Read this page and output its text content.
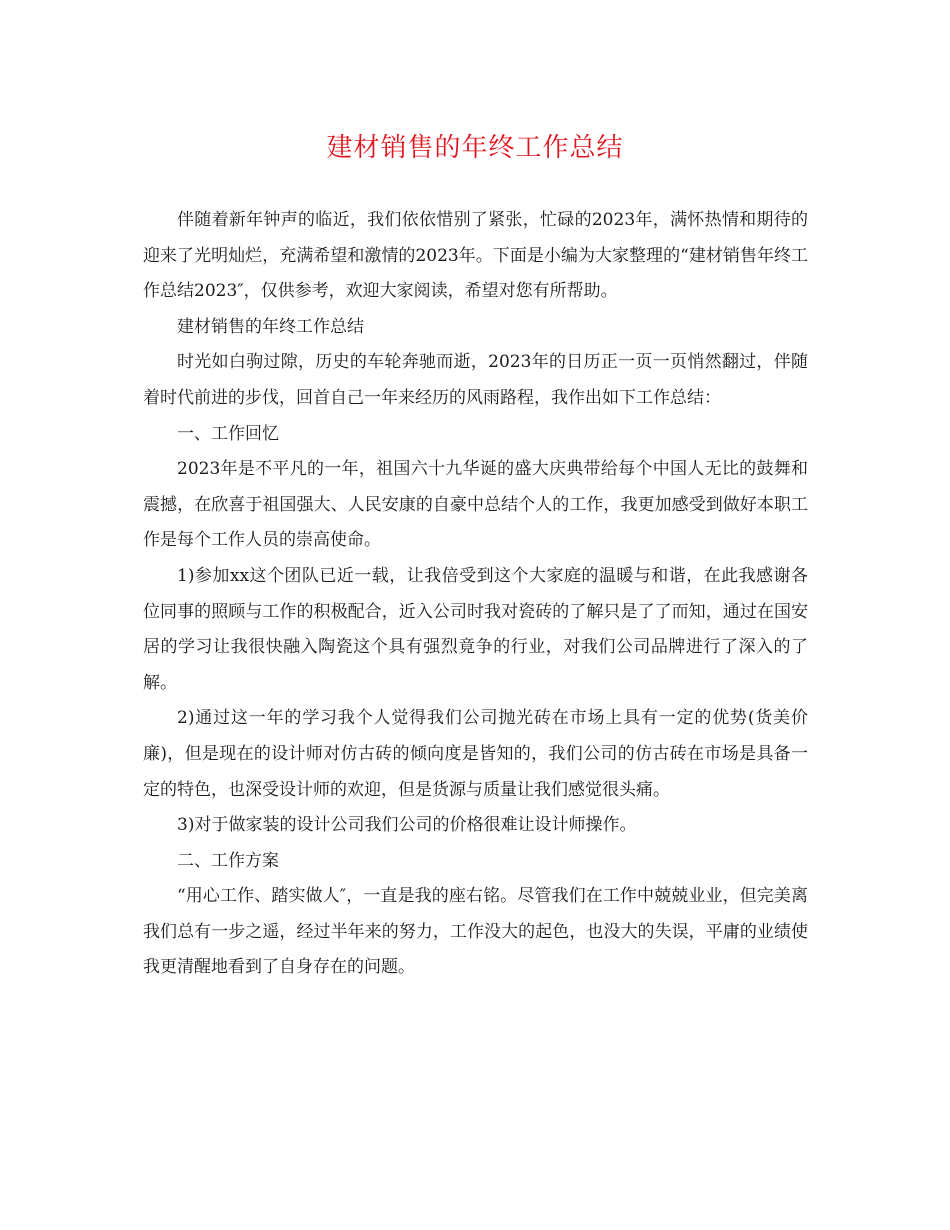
建材销售的年终工作总结

伴随着新年钟声的临近，我们依依惜别了紧张，忙碌的2023年，满怀热情和期待的迎来了光明灿烂，充满希望和激情的2023年。下面是小编为大家整理的“建材销售年终工作总结2023″，仅供参考，欢迎大家阅读，希望对您有所帮助。

建材销售的年终工作总结

时光如白驹过隙，历史的车轮奔驰而逝，2023年的日历正一页一页悄然翻过，伴随着时代前进的步伐，回首自己一年来经历的风雨路程，我作出如下工作总结：

一、工作回忆

2023年是不平凡的一年，祖国六十九华诞的盛大庆典带给每个中国人无比的鼓舞和震撼，在欣喜于祖国强大、人民安康的自豪中总结个人的工作，我更加感受到做好本职工作是每个工作人员的崇高使命。

1)参加xx这个团队已近一载，让我倍受到这个大家庭的温暖与和谐，在此我感谢各位同事的照顾与工作的积极配合，近入公司时我对瓷砖的了解只是了了而知，通过在国安居的学习让我很快融入陶瓷这个具有强烈竟争的行业，对我们公司品牌进行了深入的了解。

2)通过这一年的学习我个人觉得我们公司抛光砖在市场上具有一定的优势(货美价廉)，但是现在的设计师对仿古砖的倾向度是皆知的，我们公司的仿古砖在市场是具备一定的特色，也深受设计师的欢迎，但是货源与质量让我们感觉很头痛。

3)对于做家装的设计公司我们公司的价格很难让设计师操作。

二、工作方案

“用心工作、踏实做人″，一直是我的座右铭。尽管我们在工作中兢兢业业，但完美离我们总有一步之遥，经过半年来的努力，工作没大的起色，也没大的失误，平庸的业绩使我更清醒地看到了自身存在的问题。
